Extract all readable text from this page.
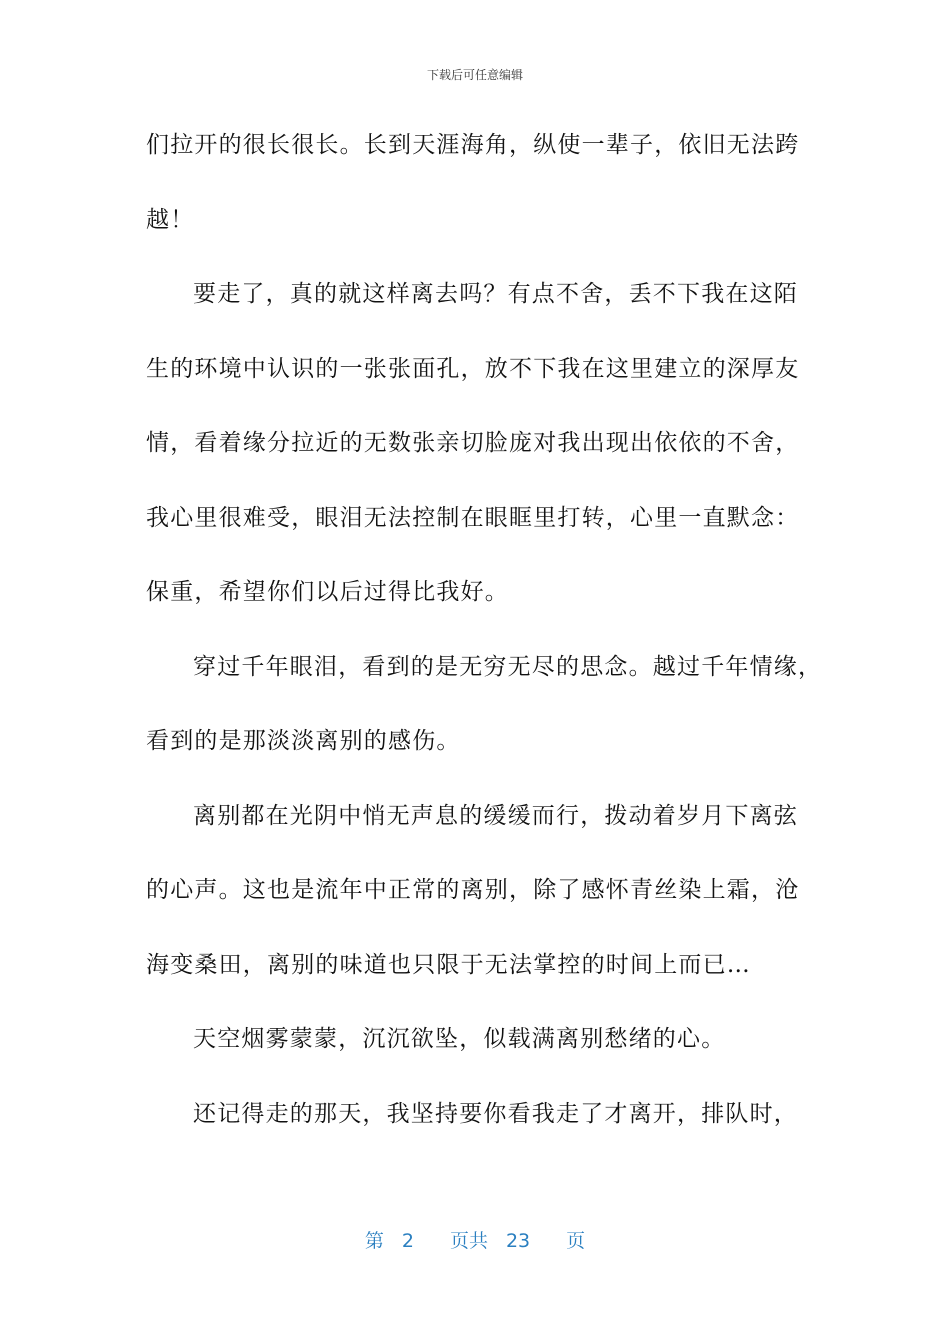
下载后可任意编辑
们拉开的很长很长。长到天涯海角，纵使一辈子，依旧无法跨
越！
要走了，真的就这样离去吗？有点不舍，丢不下我在这陌
生的环境中认识的一张张面孔，放不下我在这里建立的深厚友
情，看着缘分拉近的无数张亲切脸庞对我出现出依依的不舍，
我心里很难受，眼泪无法控制在眼眶里打转，心里一直默念：
保重，希望你们以后过得比我好。
穿过千年眼泪，看到的是无穷无尽的思念。越过千年情缘，
看到的是那淡淡离别的感伤。
离别都在光阴中悄无声息的缓缓而行，拨动着岁月下离弦
的心声。这也是流年中正常的离别，除了感怀青丝染上霜，沧
海变桑田，离别的味道也只限于无法掌控的时间上而已…
天空烟雾蒙蒙，沉沉欲坠，似载满离别愁绪的心。
还记得走的那天，我坚持要你看我走了才离开，排队时，
第 2 页共 23 页
